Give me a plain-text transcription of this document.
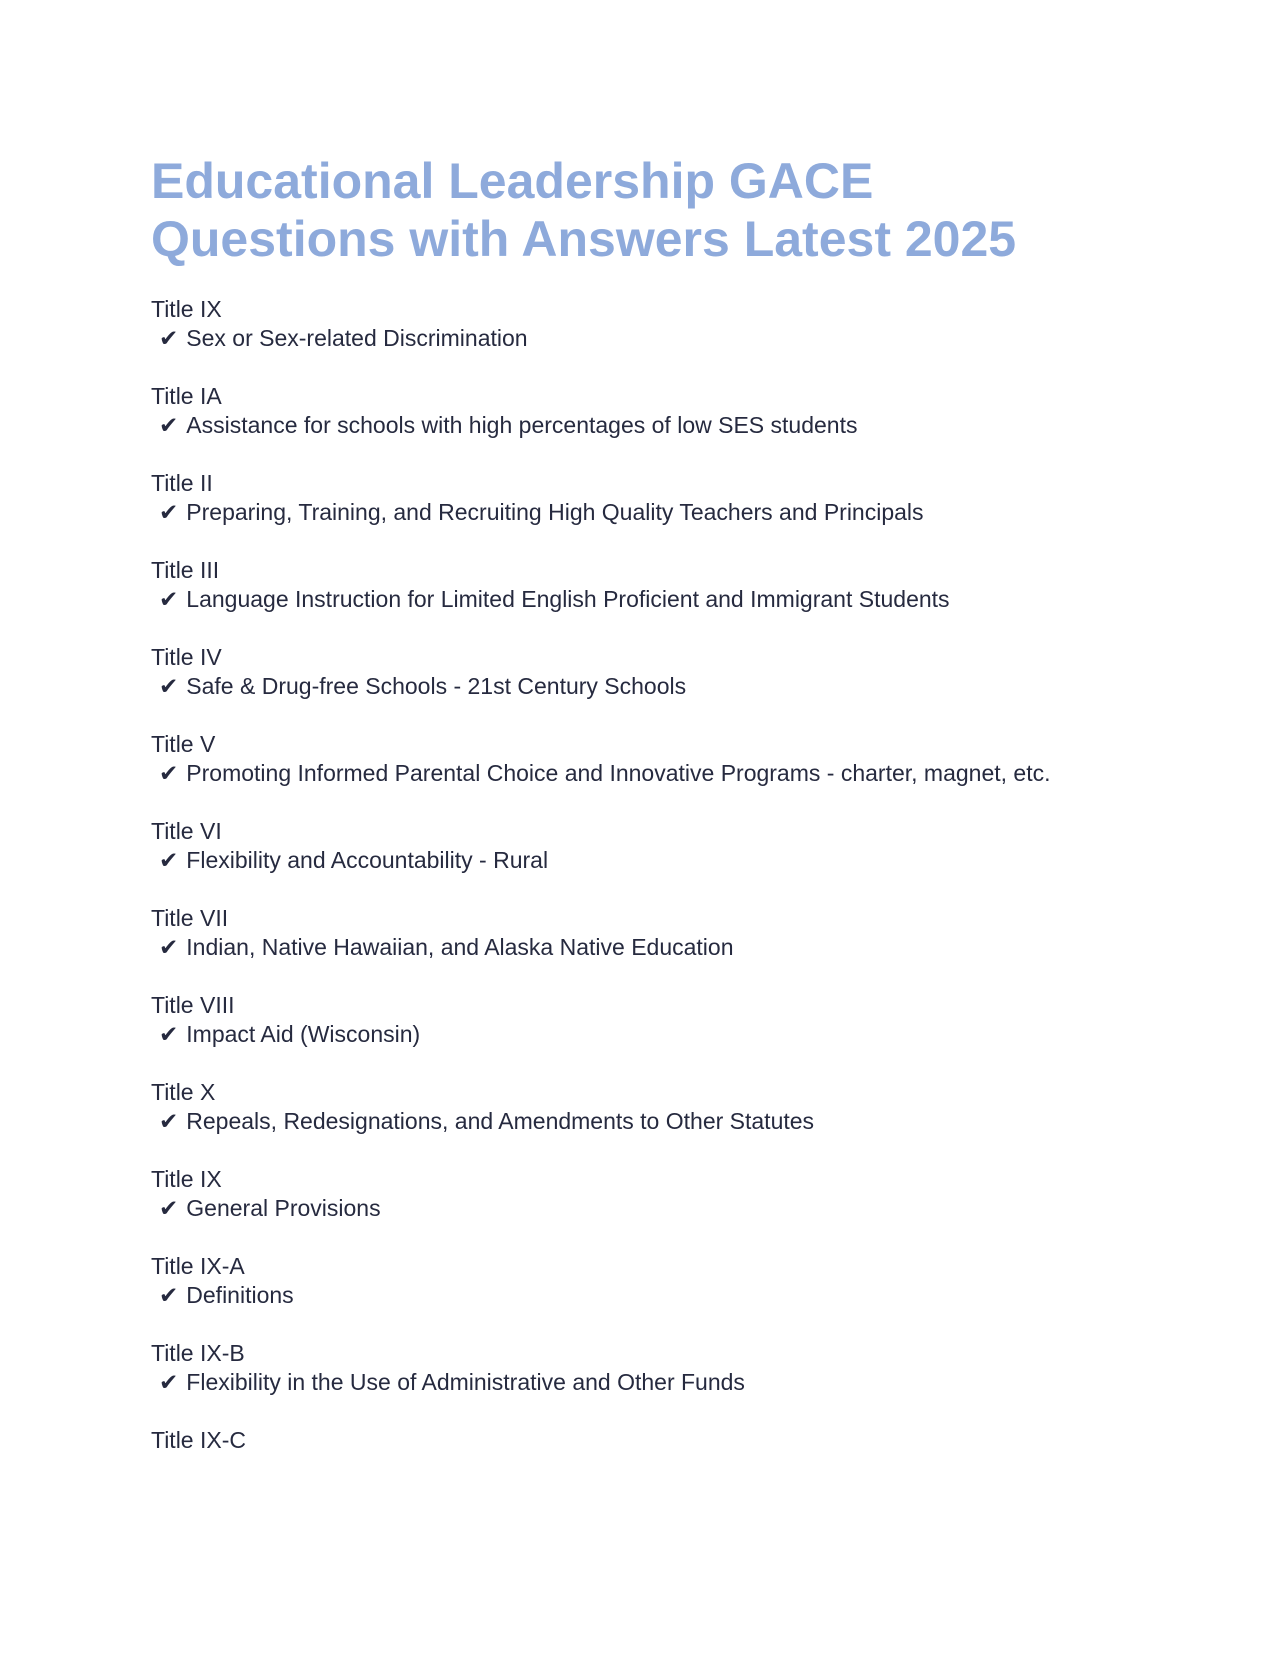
Educational Leadership GACE Questions with Answers Latest 2025
Title IX
✔ Sex or Sex-related Discrimination
Title IA
✔ Assistance for schools with high percentages of low SES students
Title II
✔ Preparing, Training, and Recruiting High Quality Teachers and Principals
Title III
✔ Language Instruction for Limited English Proficient and Immigrant Students
Title IV
✔ Safe & Drug-free Schools - 21st Century Schools
Title V
✔ Promoting Informed Parental Choice and Innovative Programs - charter, magnet, etc.
Title VI
✔ Flexibility and Accountability - Rural
Title VII
✔ Indian, Native Hawaiian, and Alaska Native Education
Title VIII
✔ Impact Aid (Wisconsin)
Title X
✔ Repeals, Redesignations, and Amendments to Other Statutes
Title IX
✔ General Provisions
Title IX-A
✔ Definitions
Title IX-B
✔ Flexibility in the Use of Administrative and Other Funds
Title IX-C
